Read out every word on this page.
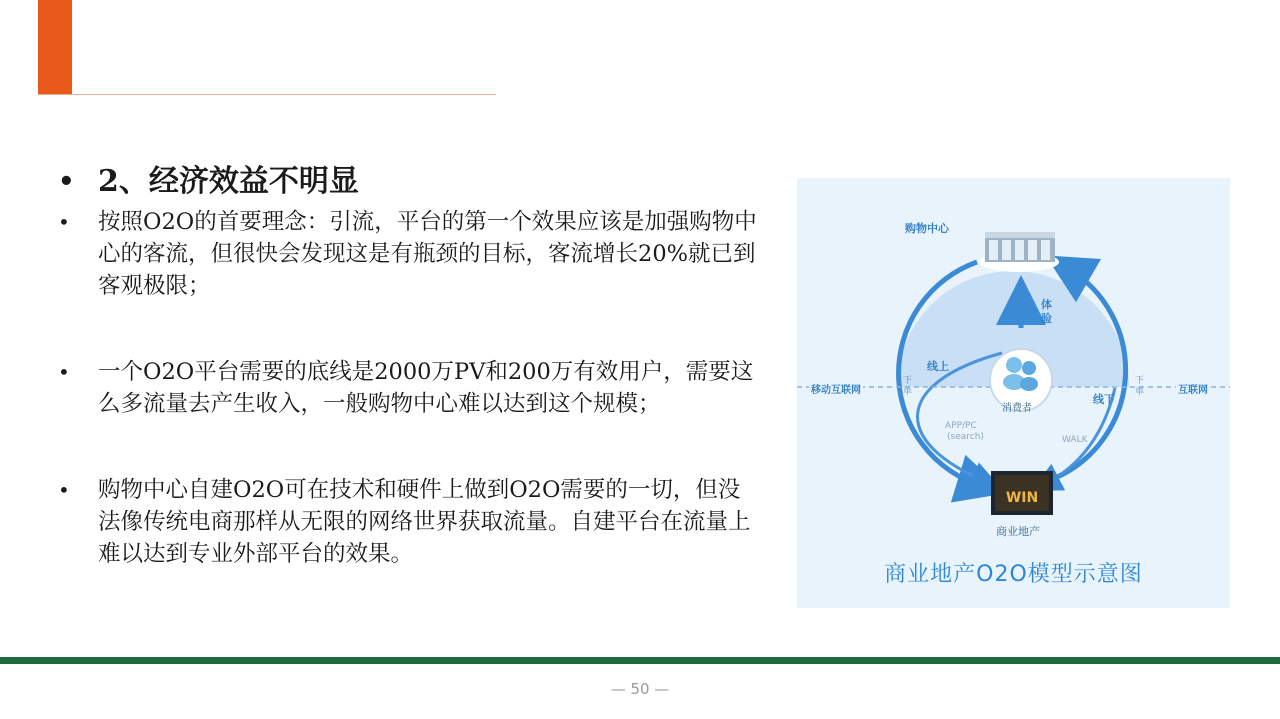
• 2、经济效益不明显
• 按照O2O的首要理念：引流，平台的第一个效果应该是加强购物中心的客流，但很快会发现这是有瓶颈的目标，客流增长20%就已到客观极限；
• 一个O2O平台需要的底线是2000万PV和200万有效用户，需要这么多流量去产生收入，一般购物中心难以达到这个规模；
• 购物中心自建O2O可在技术和硬件上做到O2O需要的一切，但没法像传统电商那样从无限的网络世界获取流量。自建平台在流量上难以达到专业外部平台的效果。
WIN
购物中心
线上
线下
体验
消费者
移动互联网	互联网
下单
下单
APP/PC
(search)	WALK
商业地产
商业地产O2O模型示意图
— 50 —
